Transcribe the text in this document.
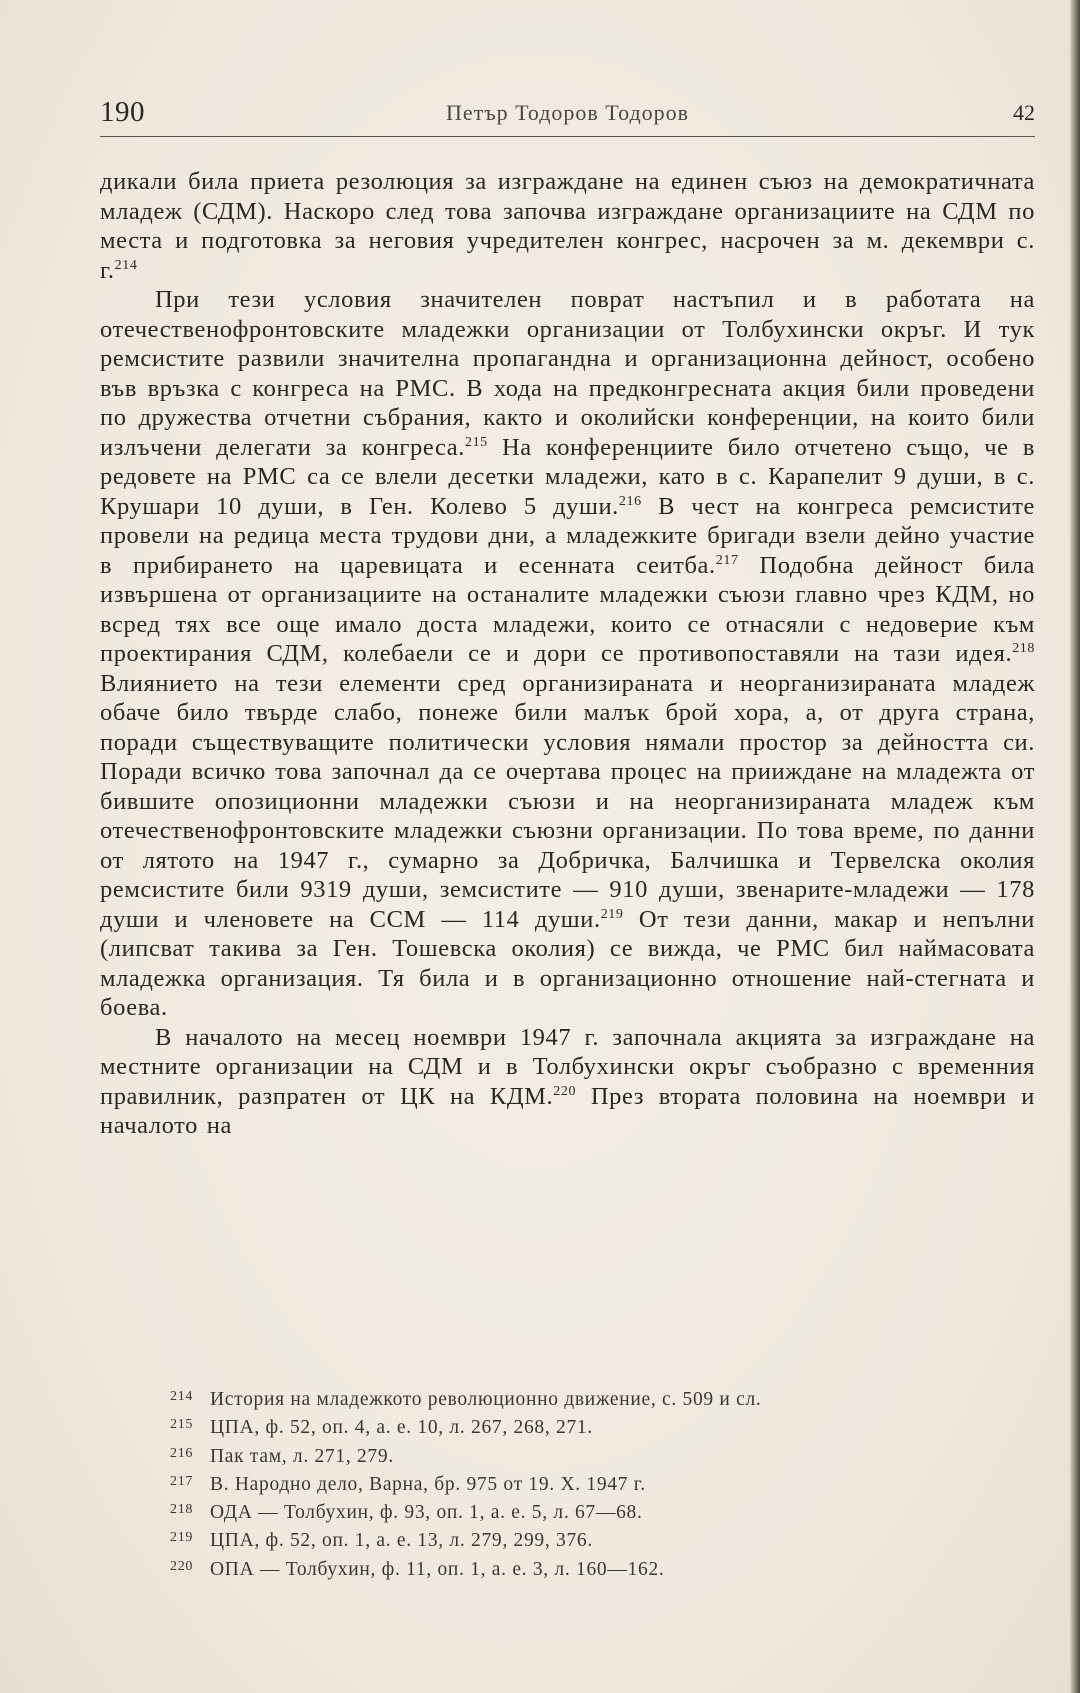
190	Петър Тодоров Тодоров	42

дикали била приета резолюция за изграждане на единен съюз на демократичната младеж (СДМ). Наскоро след това започва изграждане организациите на СДМ по места и подготовка за неговия учредителен конгрес, насрочен за м. декември с. г.$^{214}$

При тези условия значителен поврат настъпил и в работата на отечественофронтовските младежки организации от Толбухински окръг. И тук ремсистите развили значителна пропагандна и организационна дейност, особено във връзка с конгреса на РМС. В хода на предконгресната акция били проведени по дружества отчетни събрания, както и околийски конференции, на които били излъчени делегати за конгреса.$^{215}$ На конференциите било отчетено също, че в редовете на РМС са се влели десетки младежи, като в с. Карапелит 9 души, в с. Крушари 10 души, в Ген. Колево 5 души.$^{216}$ В чест на конгреса ремсистите провели на редица места трудови дни, а младежките бригади взели дейно участие в прибирането на царевицата и есенната сеитба.$^{217}$ Подобна дейност била извършена от организациите на останалите младежки съюзи главно чрез КДМ, но всред тях все още имало доста младежи, които се отнасяли с недоверие към проектирания СДМ, колебаели се и дори се противопоставяли на тази идея.$^{218}$ Влиянието на тези елементи сред организираната и неорганизираната младеж обаче било твърде слабо, понеже били малък брой хора, а, от друга страна, поради съществуващите политически условия нямали простор за дейността си. Поради всичко това започнал да се очертава процес на прииждане на младежта от бившите опозиционни младежки съюзи и на неорганизираната младеж към отечественофронтовските младежки съюзни организации. По това време, по данни от лятото на 1947 г., сумарно за Добричка, Балчишка и Тервелска околия ремсистите били 9319 души, земсистите — 910 души, звенарите-младежи — 178 души и членовете на ССМ — 114 души.$^{219}$ От тези данни, макар и непълни (липсват такива за Ген. Тошевска околия) се вижда, че РМС бил наймасовата младежка организация. Тя била и в организационно отношение най-стегната и боева.

В началото на месец ноември 1947 г. започнала акцията за изграждане на местните организации на СДМ и в Толбухински окръг съобразно с временния правилник, разпратен от ЦК на КДМ.$^{220}$ През втората половина на ноември и началото на

214 История на младежкото революционно движение, с. 509 и сл.
215 ЦПА, ф. 52, оп. 4, а. е. 10, л. 267, 268, 271.
216 Пак там, л. 271, 279.
217 В. Народно дело, Варна, бр. 975 от 19. X. 1947 г.
218 ОДА — Толбухин, ф. 93, оп. 1, а. е. 5, л. 67—68.
219 ЦПА, ф. 52, оп. 1, а. е. 13, л. 279, 299, 376.
220 ОПА — Толбухин, ф. 11, оп. 1, а. е. 3, л. 160—162.
